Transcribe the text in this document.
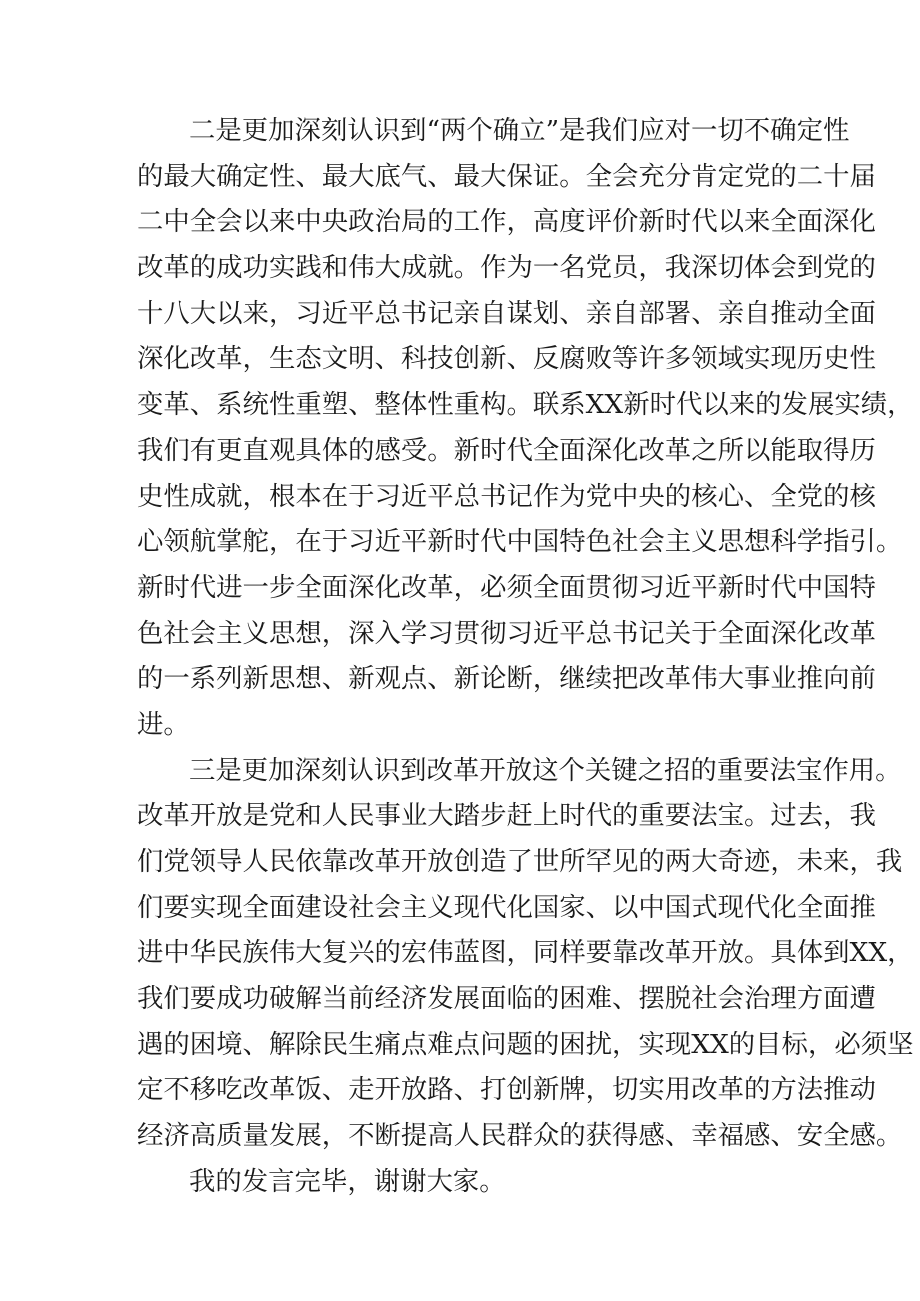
二是更加深刻认识到“两个确立”是我们应对一切不确定性
的最大确定性、最大底气、最大保证。全会充分肯定党的二十届
二中全会以来中央政治局的工作，高度评价新时代以来全面深化
改革的成功实践和伟大成就。作为一名党员，我深切体会到党的
十八大以来，习近平总书记亲自谋划、亲自部署、亲自推动全面
深化改革，生态文明、科技创新、反腐败等许多领域实现历史性
变革、系统性重塑、整体性重构。联系XX新时代以来的发展实绩，
我们有更直观具体的感受。新时代全面深化改革之所以能取得历
史性成就，根本在于习近平总书记作为党中央的核心、全党的核
心领航掌舵，在于习近平新时代中国特色社会主义思想科学指引。
新时代进一步全面深化改革，必须全面贯彻习近平新时代中国特
色社会主义思想，深入学习贯彻习近平总书记关于全面深化改革
的一系列新思想、新观点、新论断，继续把改革伟大事业推向前
进。
三是更加深刻认识到改革开放这个关键之招的重要法宝作用。
改革开放是党和人民事业大踏步赶上时代的重要法宝。过去，我
们党领导人民依靠改革开放创造了世所罕见的两大奇迹，未来，我
们要实现全面建设社会主义现代化国家、以中国式现代化全面推
进中华民族伟大复兴的宏伟蓝图，同样要靠改革开放。具体到XX，
我们要成功破解当前经济发展面临的困难、摆脱社会治理方面遭
遇的困境、解除民生痛点难点问题的困扰，实现XX的目标，必须坚
定不移吃改革饭、走开放路、打创新牌，切实用改革的方法推动
经济高质量发展，不断提高人民群众的获得感、幸福感、安全感。
我的发言完毕，谢谢大家。
